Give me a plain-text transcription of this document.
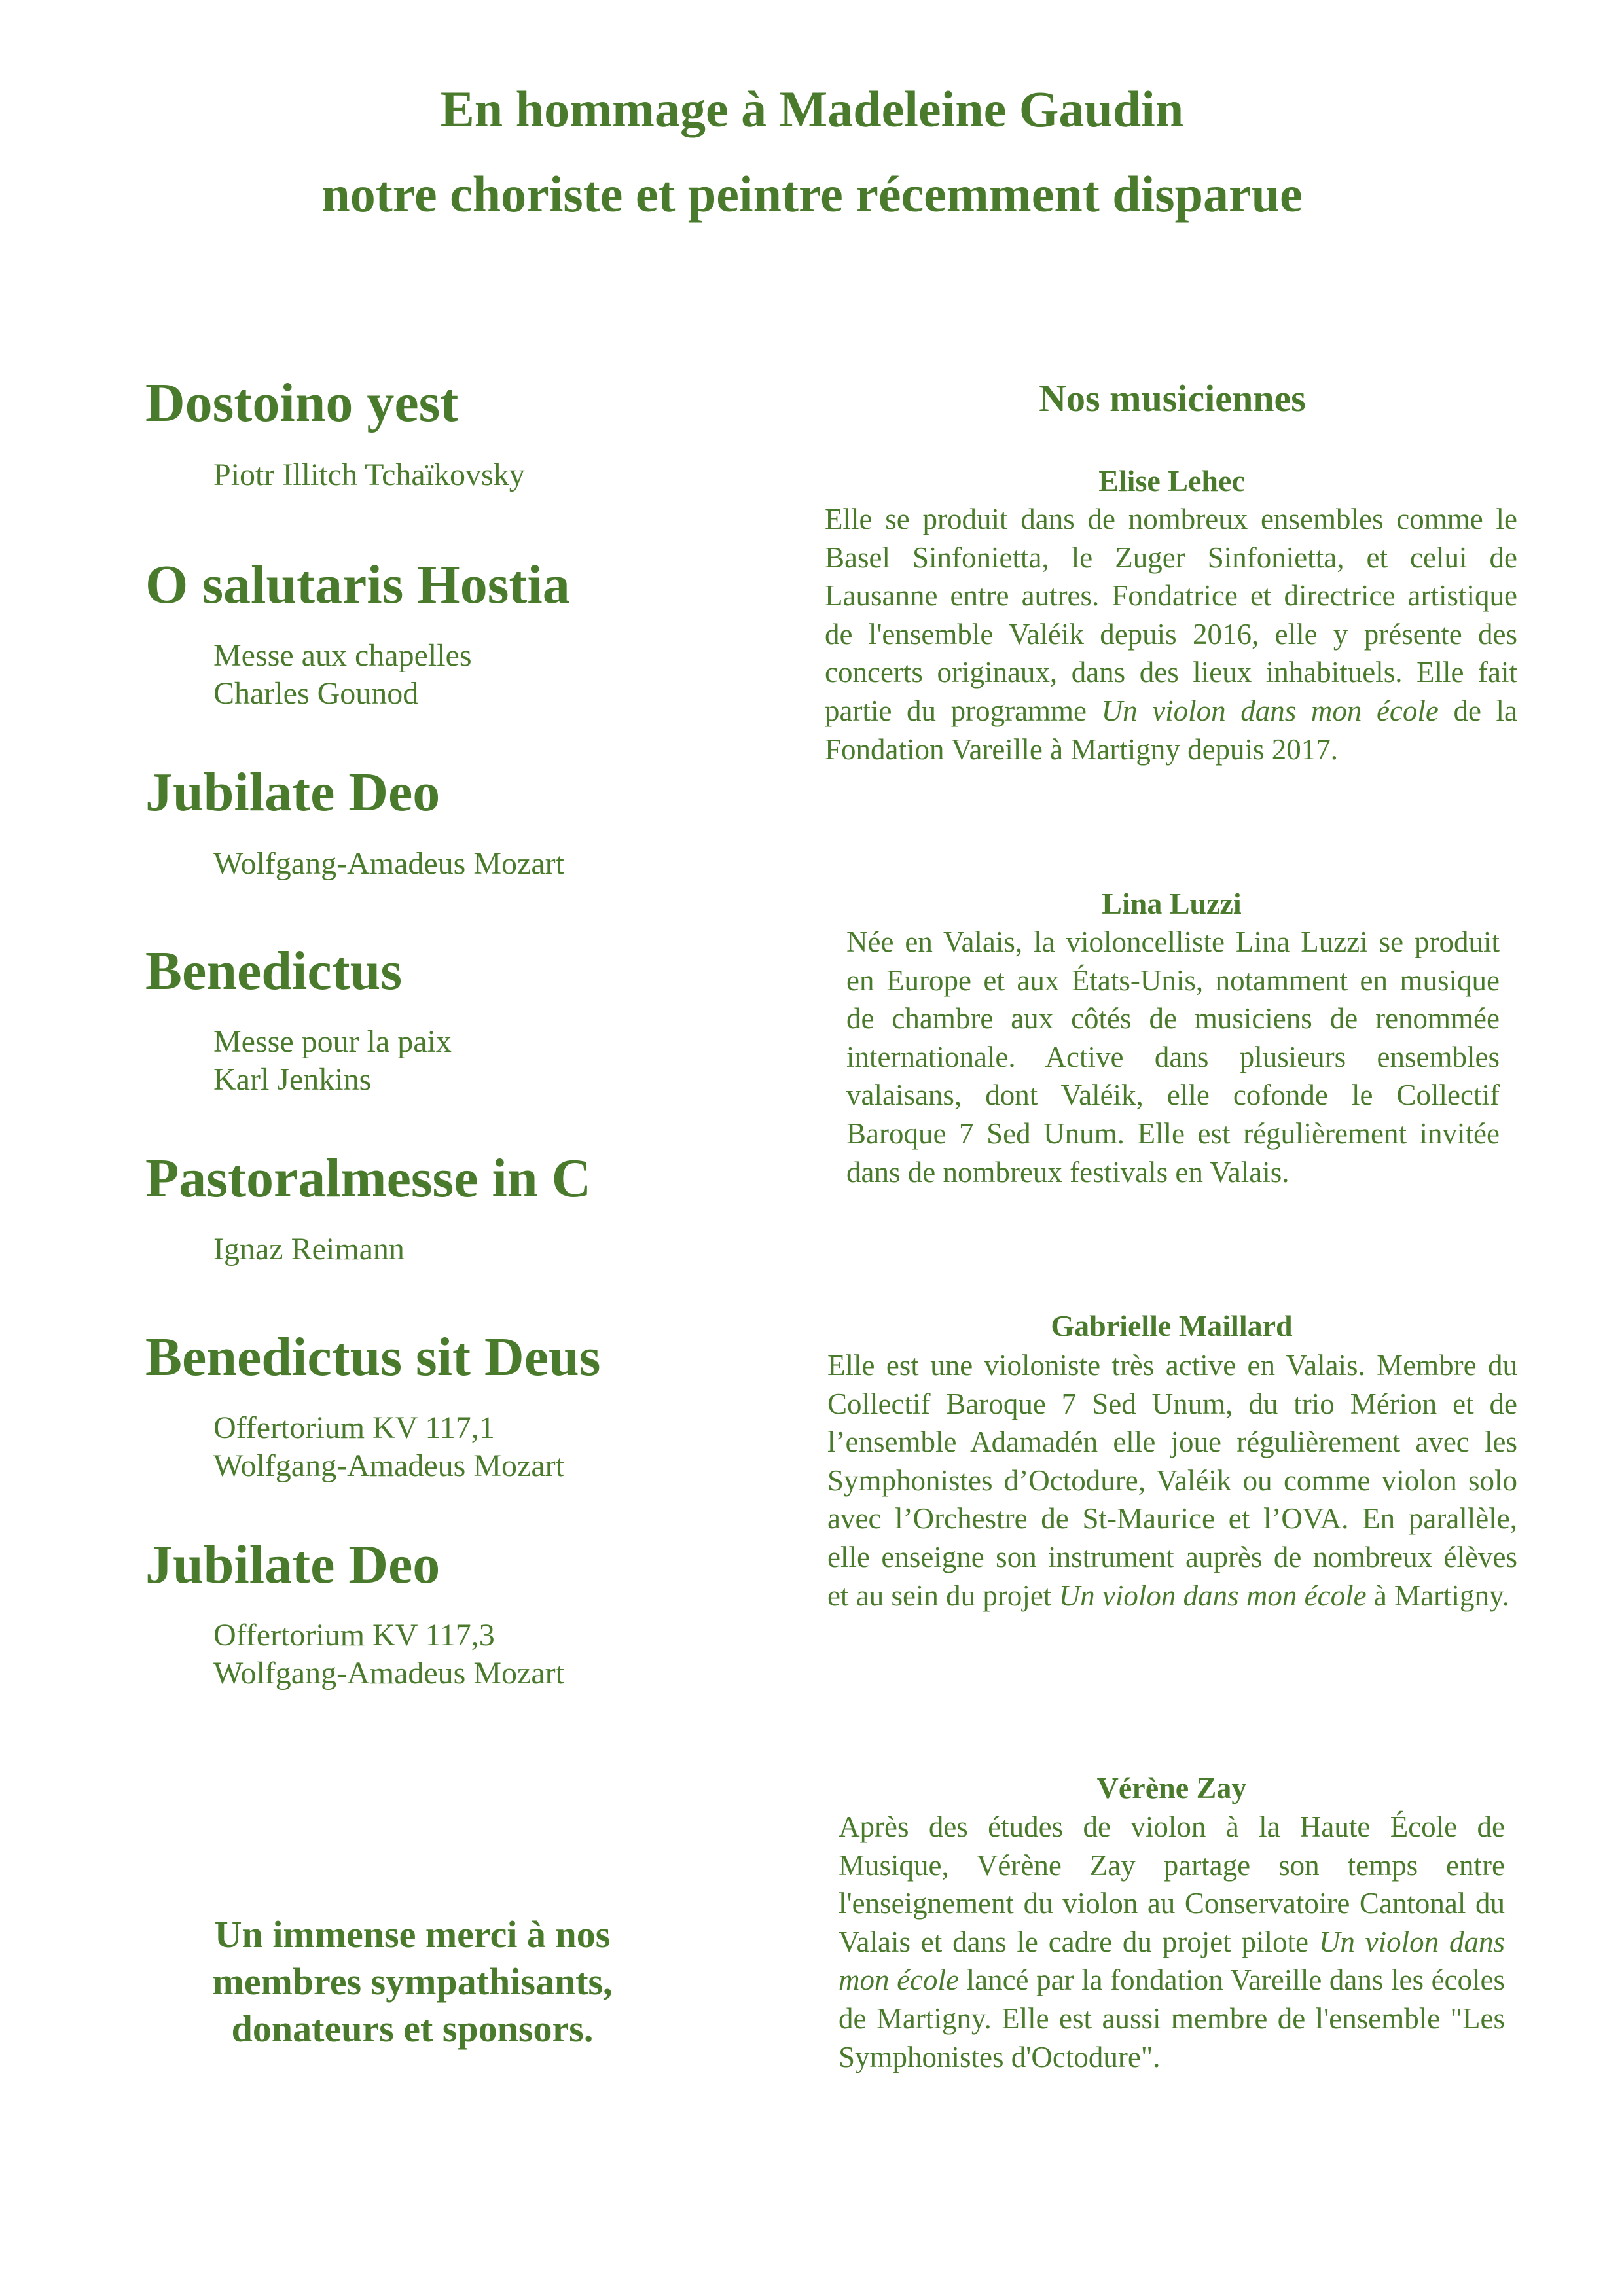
En hommage à Madeleine Gaudin
notre choriste et peintre récemment disparue
Dostoino yest
Piotr Illitch Tchaïkovsky
O salutaris Hostia
Messe aux chapelles
Charles Gounod
Jubilate Deo
Wolfgang-Amadeus Mozart
Benedictus
Messe pour la paix
Karl Jenkins
Pastoralmesse in C
Ignaz Reimann
Benedictus sit Deus
Offertorium KV 117,1
Wolfgang-Amadeus Mozart
Jubilate Deo
Offertorium KV 117,3
Wolfgang-Amadeus Mozart
Un immense merci à nos
membres sympathisants,
donateurs et sponsors.
Nos musiciennes
Elise Lehec
Elle se produit dans de nombreux ensembles comme le Basel Sinfonietta, le Zuger Sinfonietta, et celui de Lausanne entre autres. Fondatrice et directrice artistique de l'ensemble Valéik depuis 2016, elle y présente des concerts originaux, dans des lieux inhabituels. Elle fait partie du programme Un violon dans mon école de la Fondation Vareille à Martigny depuis 2017.
Lina Luzzi
Née en Valais, la violoncelliste Lina Luzzi se produit en Europe et aux États-Unis, notamment en musique de chambre aux côtés de musiciens de renommée internationale. Active dans plusieurs ensembles valaisans, dont Valéik, elle cofonde le Collectif Baroque 7 Sed Unum. Elle est régulièrement invitée dans de nombreux festivals en Valais.
Gabrielle Maillard
Elle est une violoniste très active en Valais. Membre du Collectif Baroque 7 Sed Unum, du trio Mérion et de l’ensemble Adamadén elle joue régulièrement avec les Symphonistes d’Octodure, Valéik ou comme violon solo avec l’Orchestre de St-Maurice et l’OVA. En parallèle, elle enseigne son instrument auprès de nombreux élèves et au sein du projet Un violon dans mon école à Martigny.
Vérène Zay
Après des études de violon à la Haute École de Musique, Vérène Zay partage son temps entre l'enseignement du violon au Conservatoire Cantonal du Valais et dans le cadre du projet pilote Un violon dans mon école lancé par la fondation Vareille dans les écoles de Martigny. Elle est aussi membre de l'ensemble "Les Symphonistes d'Octodure".
